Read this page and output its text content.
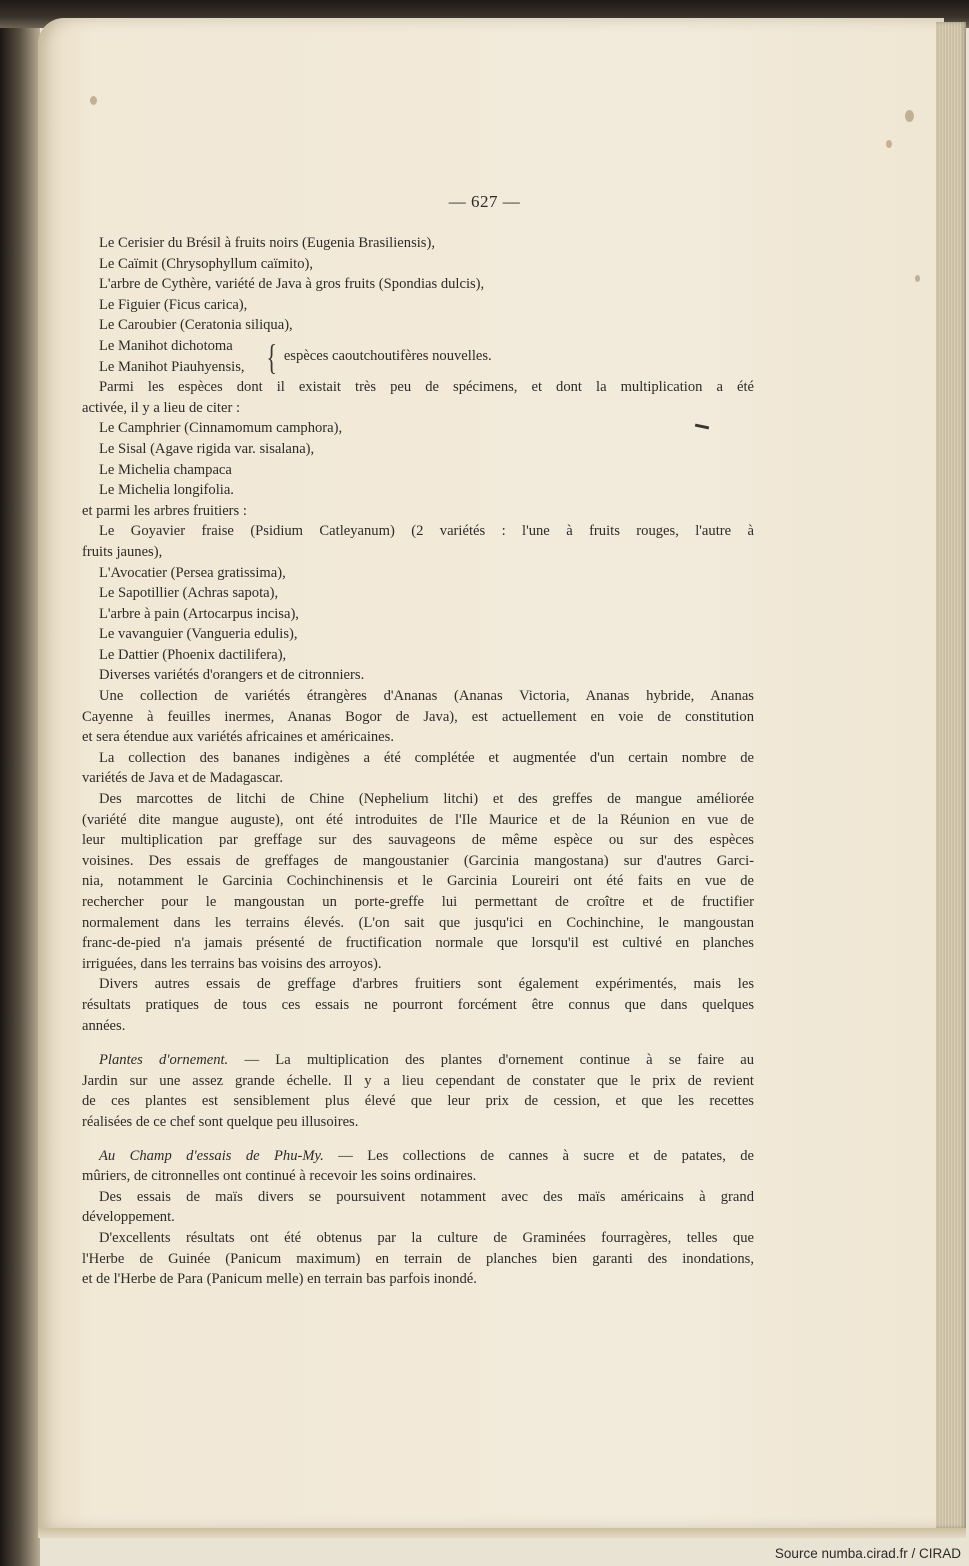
— 627 —

Le Cerisier du Brésil à fruits noirs (Eugenia Brasiliensis),

Le Caïmit (Chrysophyllum caïmito),

L'arbre de Cythère, variété de Java à gros fruits (Spondias dulcis),

Le Figuier (Ficus carica),

Le Caroubier (Ceratonia siliqua),

Le Manihot dichotoma
Le Manihot Piauhyensis, { espèces caoutchoutifères nouvelles.

Parmi les espèces dont il existait très peu de spécimens, et dont la multiplication a été

activée, il y a lieu de citer :

Le Camphrier (Cinnamomum camphora),

Le Sisal (Agave rigida var. sisalana),

Le Michelia champaca

Le Michelia longifolia.

et parmi les arbres fruitiers :

Le Goyavier fraise (Psidium Catleyanum) (2 variétés : l'une à fruits rouges, l'autre à

fruits jaunes),

L'Avocatier (Persea gratissima),

Le Sapotillier (Achras sapota),

L'arbre à pain (Artocarpus incisa),

Le vavanguier (Vangueria edulis),

Le Dattier (Phoenix dactilifera),

Diverses variétés d'orangers et de citronniers.

Une collection de variétés étrangères d'Ananas (Ananas Victoria, Ananas hybride, Ananas

Cayenne à feuilles inermes, Ananas Bogor de Java), est actuellement en voie de constitution

et sera étendue aux variétés africaines et américaines.

La collection des bananes indigènes a été complétée et augmentée d'un certain nombre de

variétés de Java et de Madagascar.

Des marcottes de litchi de Chine (Nephelium litchi) et des greffes de mangue améliorée

(variété dite mangue auguste), ont été introduites de l'Ile Maurice et de la Réunion en vue de

leur multiplication par greffage sur des sauvageons de même espèce ou sur des espèces

voisines. Des essais de greffages de mangoustanier (Garcinia mangostana) sur d'autres Garci-

nia, notamment le Garcinia Cochinchinensis et le Garcinia Loureiri ont été faits en vue de

rechercher pour le mangoustan un porte-greffe lui permettant de croître et de fructifier

normalement dans les terrains élevés. (L'on sait que jusqu'ici en Cochinchine, le mangoustan

franc-de-pied n'a jamais présenté de fructification normale que lorsqu'il est cultivé en planches

irriguées, dans les terrains bas voisins des arroyos).

Divers autres essais de greffage d'arbres fruitiers sont également expérimentés, mais les

résultats pratiques de tous ces essais ne pourront forcément être connus que dans quelques

années.

Plantes d'ornement. — La multiplication des plantes d'ornement continue à se faire au

Jardin sur une assez grande échelle. Il y a lieu cependant de constater que le prix de revient

de ces plantes est sensiblement plus élevé que leur prix de cession, et que les recettes

réalisées de ce chef sont quelque peu illusoires.

Au Champ d'essais de Phu-My. — Les collections de cannes à sucre et de patates, de

mûriers, de citronnelles ont continué à recevoir les soins ordinaires.

Des essais de maïs divers se poursuivent notamment avec des maïs américains à grand

développement.

D'excellents résultats ont été obtenus par la culture de Graminées fourragères, telles que

l'Herbe de Guinée (Panicum maximum) en terrain de planches bien garanti des inondations,

et de l'Herbe de Para (Panicum melle) en terrain bas parfois inondé.

Source numba.cirad.fr / CIRAD
